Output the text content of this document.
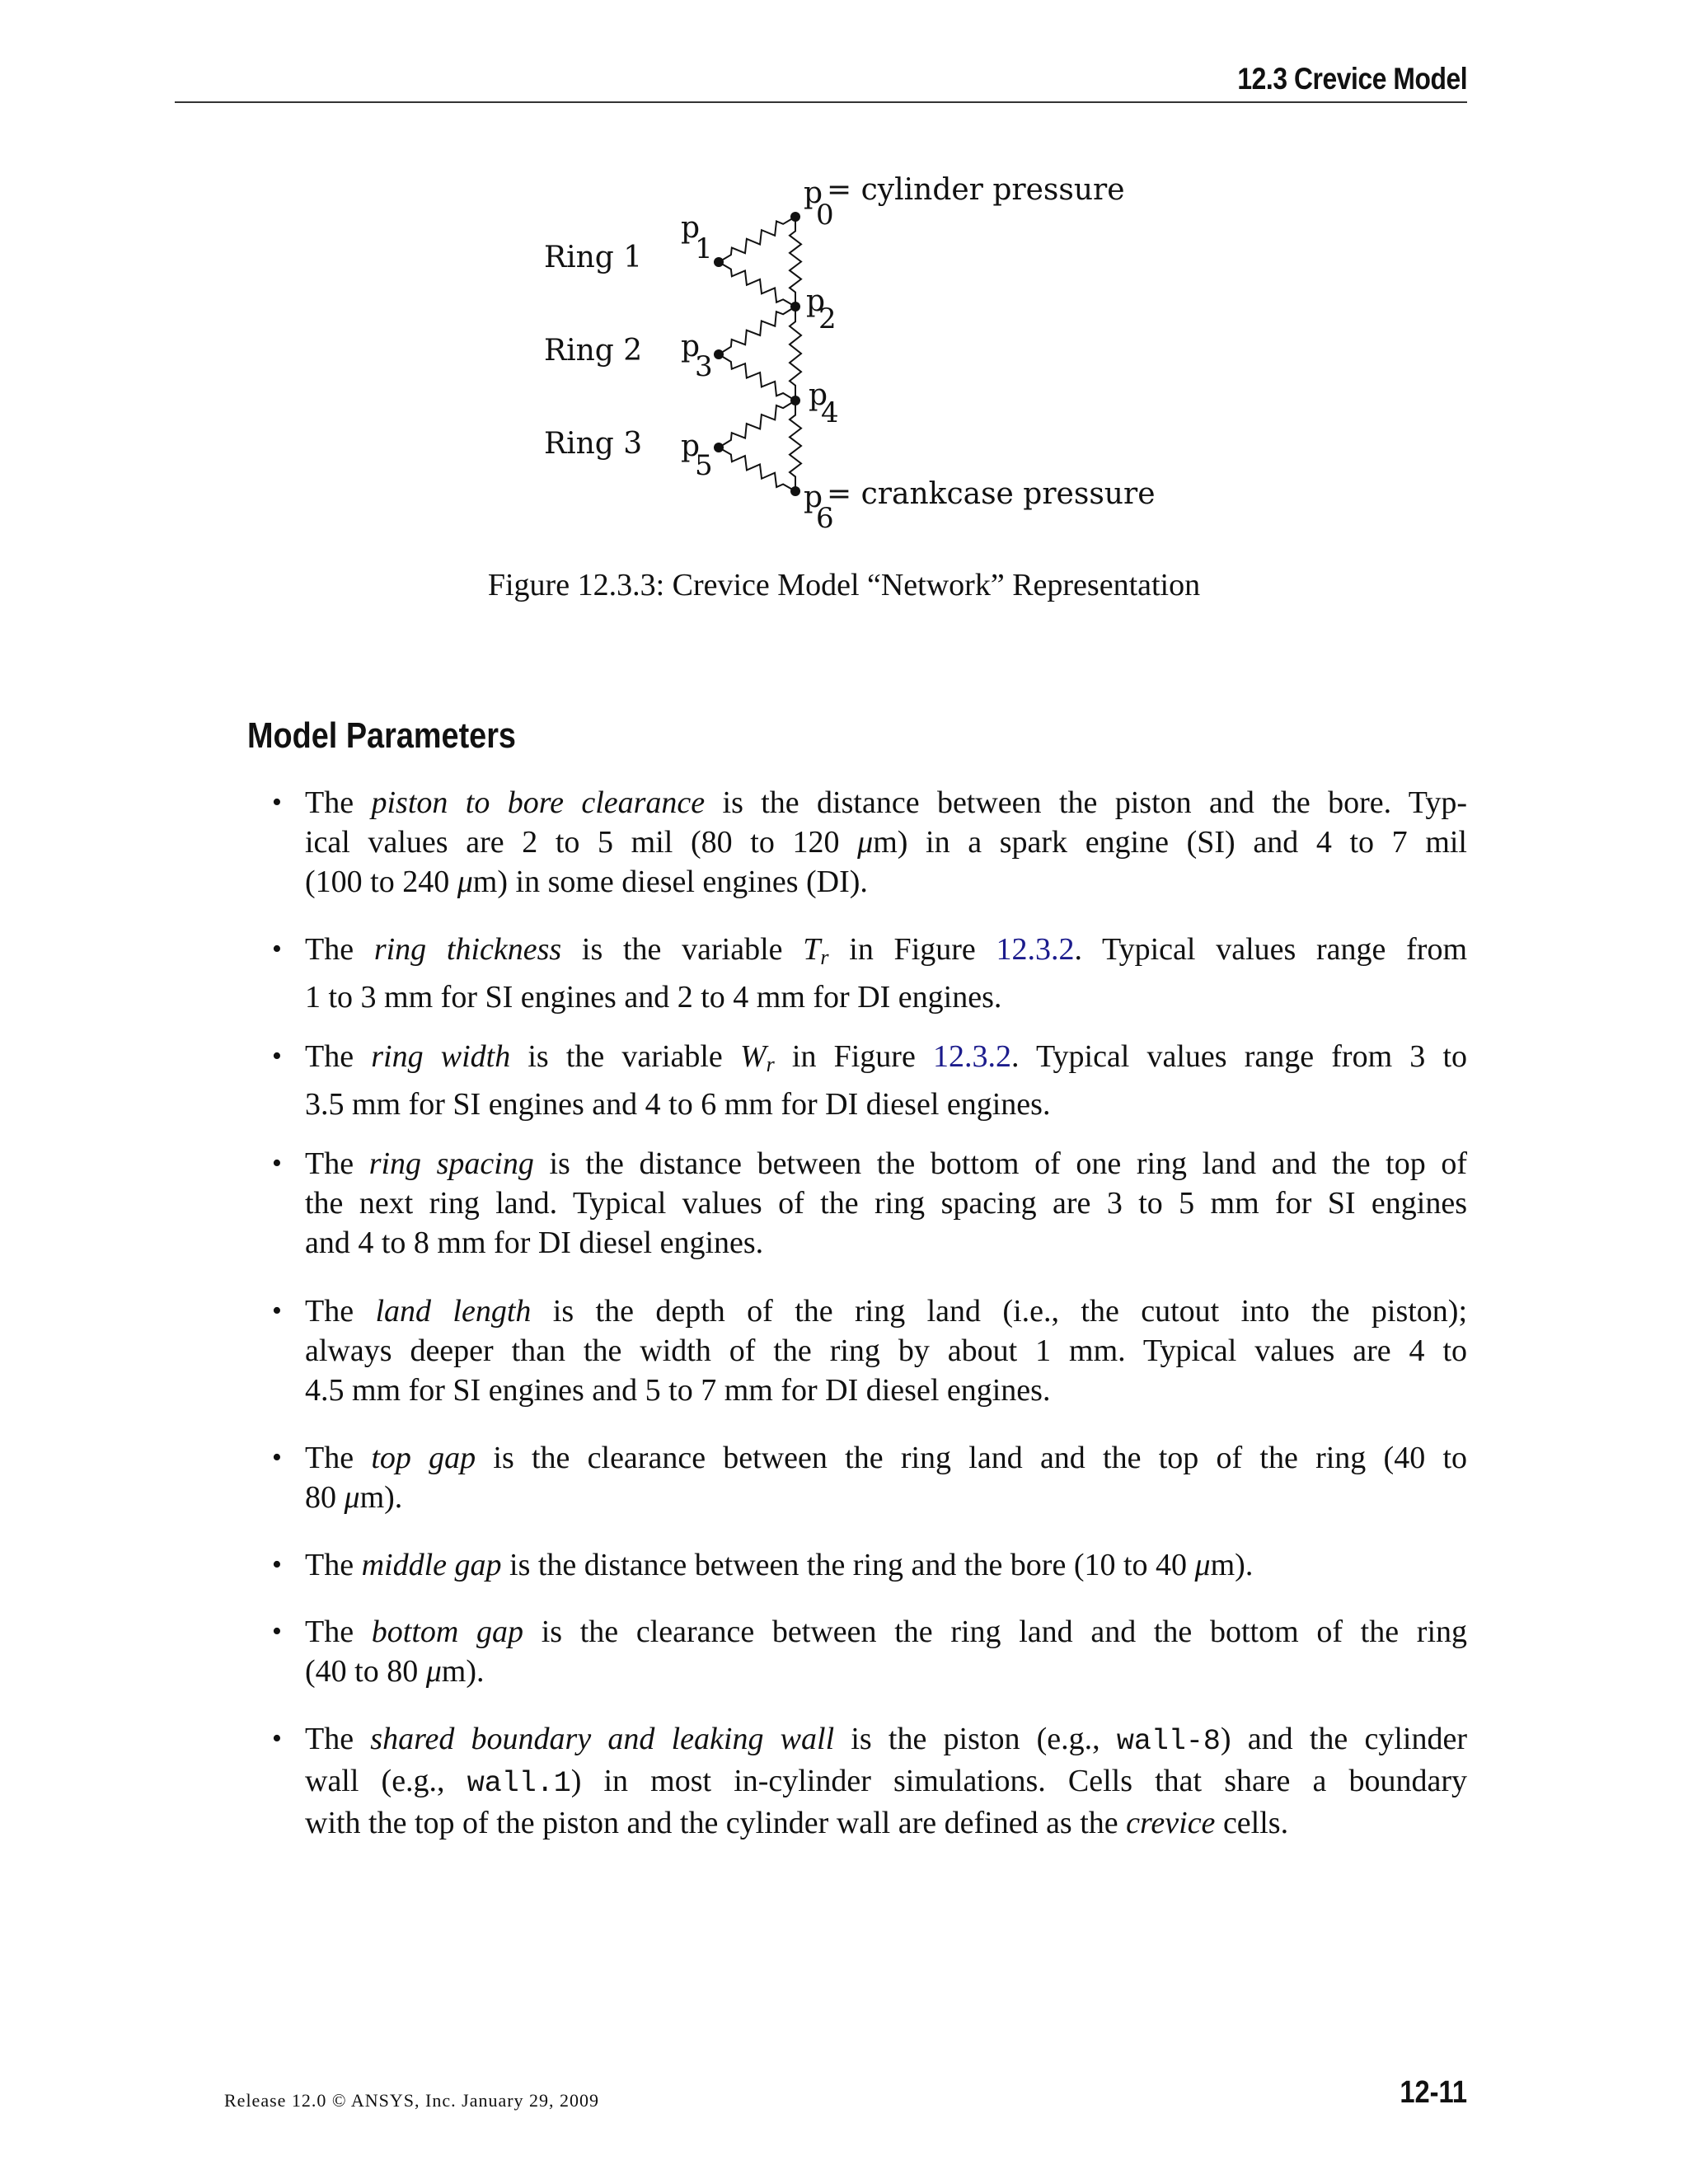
12.3 Crevice Model
p
0
= cylinder pressure
p
1
p
2
p
3
p
4
p
5
p
6
= crankcase pressure
Ring 1
Ring 2
Ring 3
Figure 12.3.3: Crevice Model “Network” Representation
Model Parameters
• The piston to bore clearance is the distance between the piston and the bore. Typ-
ical values are 2 to 5 mil (80 to 120 μm) in a spark engine (SI) and 4 to 7 mil
(100 to 240 μm) in some diesel engines (DI).
• The ring thickness is the variable $T_r$ in Figure 12.3.2. Typical values range from
1 to 3 mm for SI engines and 2 to 4 mm for DI engines.
• The ring width is the variable $W_r$ in Figure 12.3.2. Typical values range from 3 to
3.5 mm for SI engines and 4 to 6 mm for DI diesel engines.
• The ring spacing is the distance between the bottom of one ring land and the top of
the next ring land. Typical values of the ring spacing are 3 to 5 mm for SI engines
and 4 to 8 mm for DI diesel engines.
• The land length is the depth of the ring land (i.e., the cutout into the piston);
always deeper than the width of the ring by about 1 mm. Typical values are 4 to
4.5 mm for SI engines and 5 to 7 mm for DI diesel engines.
• The top gap is the clearance between the ring land and the top of the ring (40 to
80 μm).
• The middle gap is the distance between the ring and the bore (10 to 40 μm).
• The bottom gap is the clearance between the ring land and the bottom of the ring
(40 to 80 μm).
• The shared boundary and leaking wall is the piston (e.g., wall-8) and the cylinder
wall (e.g., wall.1) in most in-cylinder simulations. Cells that share a boundary
with the top of the piston and the cylinder wall are defined as the crevice cells.
Release 12.0 © ANSYS, Inc. January 29, 2009	12-11
